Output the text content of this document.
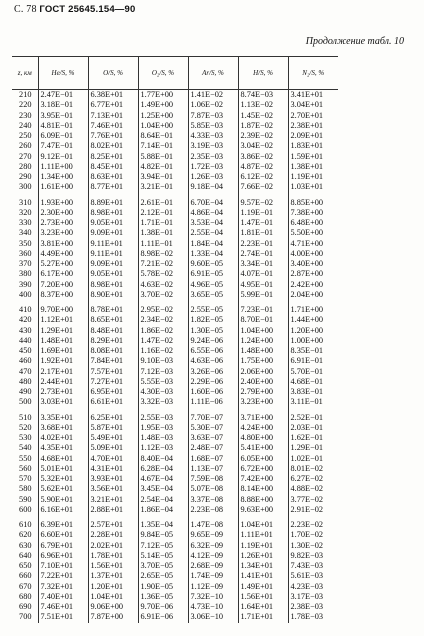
С. 78 ГОСТ 25645.154—90
Продолжение табл. 10
z, км	He/S, %	O/S, %	O₂/S, %	Ar/S, %	H/S, %	N₂/S, %
210	2.47E−01	6.38E+01	1.77E+00	1.41E−02	8.74E−03	3.41E+01
220	3.18E−01	6.77E+01	1.49E+00	1.06E−02	1.13E−02	3.04E+01
230	3.95E−01	7.13E+01	1.25E+00	7.87E−03	1.45E−02	2.70E+01
240	4.81E−01	7.46E+01	1.04E+00	5.85E−03	1.87E−02	2.38E+01
250	6.09E−01	7.76E+01	8.64E−01	4.33E−03	2.39E−02	2.09E+01
260	7.47E−01	8.02E+01	7.14E−01	3.19E−03	3.04E−02	1.83E+01
270	9.12E−01	8.25E+01	5.88E−01	2.35E−03	3.86E−02	1.59E+01
280	1.11E+00	8.45E+01	4.82E−01	1.72E−03	4.87E−02	1.38E+01
290	1.34E+00	8.63E+01	3.94E−01	1.26E−03	6.12E−02	1.19E+01
300	1.61E+00	8.77E+01	3.21E−01	9.18E−04	7.66E−02	1.03E+01
310	1.93E+00	8.89E+01	2.61E−01	6.70E−04	9.57E−02	8.85E+00
320	2.30E+00	8.98E+01	2.12E−01	4.86E−04	1.19E−01	7.38E+00
330	2.73E+00	9.05E+01	1.71E−01	3.53E−04	1.47E−01	6.48E+00
340	3.23E+00	9.09E+01	1.38E−01	2.55E−04	1.81E−01	5.50E+00
350	3.81E+00	9.11E+01	1.11E−01	1.84E−04	2.23E−01	4.71E+00
360	4.49E+00	9.11E+01	8.98E−02	1.33E−04	2.74E−01	4.00E+00
370	5.27E+00	9.09E+01	7.21E−02	9.60E−05	3.34E−01	3.40E+00
380	6.17E+00	9.05E+01	5.78E−02	6.91E−05	4.07E−01	2.87E+00
390	7.20E+00	8.98E+01	4.63E−02	4.96E−05	4.95E−01	2.42E+00
400	8.37E+00	8.90E+01	3.70E−02	3.65E−05	5.99E−01	2.04E+00
410	9.70E+00	8.78E+01	2.95E−02	2.55E−05	7.23E−01	1.71E+00
420	1.12E+01	8.65E+01	2.34E−02	1.82E−05	8.70E−01	1.44E+00
430	1.29E+01	8.48E+01	1.86E−02	1.30E−05	1.04E+00	1.20E+00
440	1.48E+01	8.29E+01	1.47E−02	9.24E−06	1.24E+00	1.00E+00
450	1.69E+01	8.08E+01	1.16E−02	6.55E−06	1.48E+00	8.35E−01
460	1.92E+01	7.84E+01	9.10E−03	4.63E−06	1.75E+00	6.91E−01
470	2.17E+01	7.57E+01	7.12E−03	3.26E−06	2.06E+00	5.70E−01
480	2.44E+01	7.27E+01	5.55E−03	2.29E−06	2.40E+00	4.68E−01
490	2.73E+01	6.95E+01	4.30E−03	1.60E−06	2.79E+00	3.83E−01
500	3.03E+01	6.61E+01	3.32E−03	1.11E−06	3.23E+00	3.11E−01
510	3.35E+01	6.25E+01	2.55E−03	7.70E−07	3.71E+00	2.52E−01
520	3.68E+01	5.87E+01	1.95E−03	5.30E−07	4.24E+00	2.03E−01
530	4.02E+01	5.49E+01	1.48E−03	3.63E−07	4.80E+00	1.62E−01
540	4.35E+01	5.09E+01	1.12E−03	2.48E−07	5.41E+00	1.29E−01
550	4.68E+01	4.70E+01	8.40E−04	1.68E−07	6.05E+00	1.02E−01
560	5.01E+01	4.31E+01	6.28E−04	1.13E−07	6.72E+00	8.01E−02
570	5.32E+01	3.93E+01	4.67E−04	7.59E−08	7.42E+00	6.27E−02
580	5.62E+01	3.56E+01	3.45E−04	5.07E−08	8.14E+00	4.88E−02
590	5.90E+01	3.21E+01	2.54E−04	3.37E−08	8.88E+00	3.77E−02
600	6.16E+01	2.88E+01	1.86E−04	2.23E−08	9.63E+00	2.91E−02
610	6.39E+01	2.57E+01	1.35E−04	1.47E−08	1.04E+01	2.23E−02
620	6.60E+01	2.28E+01	9.84E−05	9.65E−09	1.11E+01	1.70E−02
630	6.79E+01	2.02E+01	7.12E−05	6.32E−09	1.19E+01	1.30E−02
640	6.96E+01	1.78E+01	5.14E−05	4.12E−09	1.26E+01	9.82E−03
650	7.10E+01	1.56E+01	3.70E−05	2.68E−09	1.34E+01	7.43E−03
660	7.22E+01	1.37E+01	2.65E−05	1.74E−09	1.41E+01	5.61E−03
670	7.32E+01	1.20E+01	1.90E−05	1.12E−09	1.49E+01	4.23E−03
680	7.40E+01	1.04E+01	1.36E−05	7.32E−10	1.56E+01	3.17E−03
690	7.46E+01	9.06E+00	9.70E−06	4.73E−10	1.64E+01	2.38E−03
700	7.51E+01	7.87E+00	6.91E−06	3.06E−10	1.71E+01	1.78E−03
